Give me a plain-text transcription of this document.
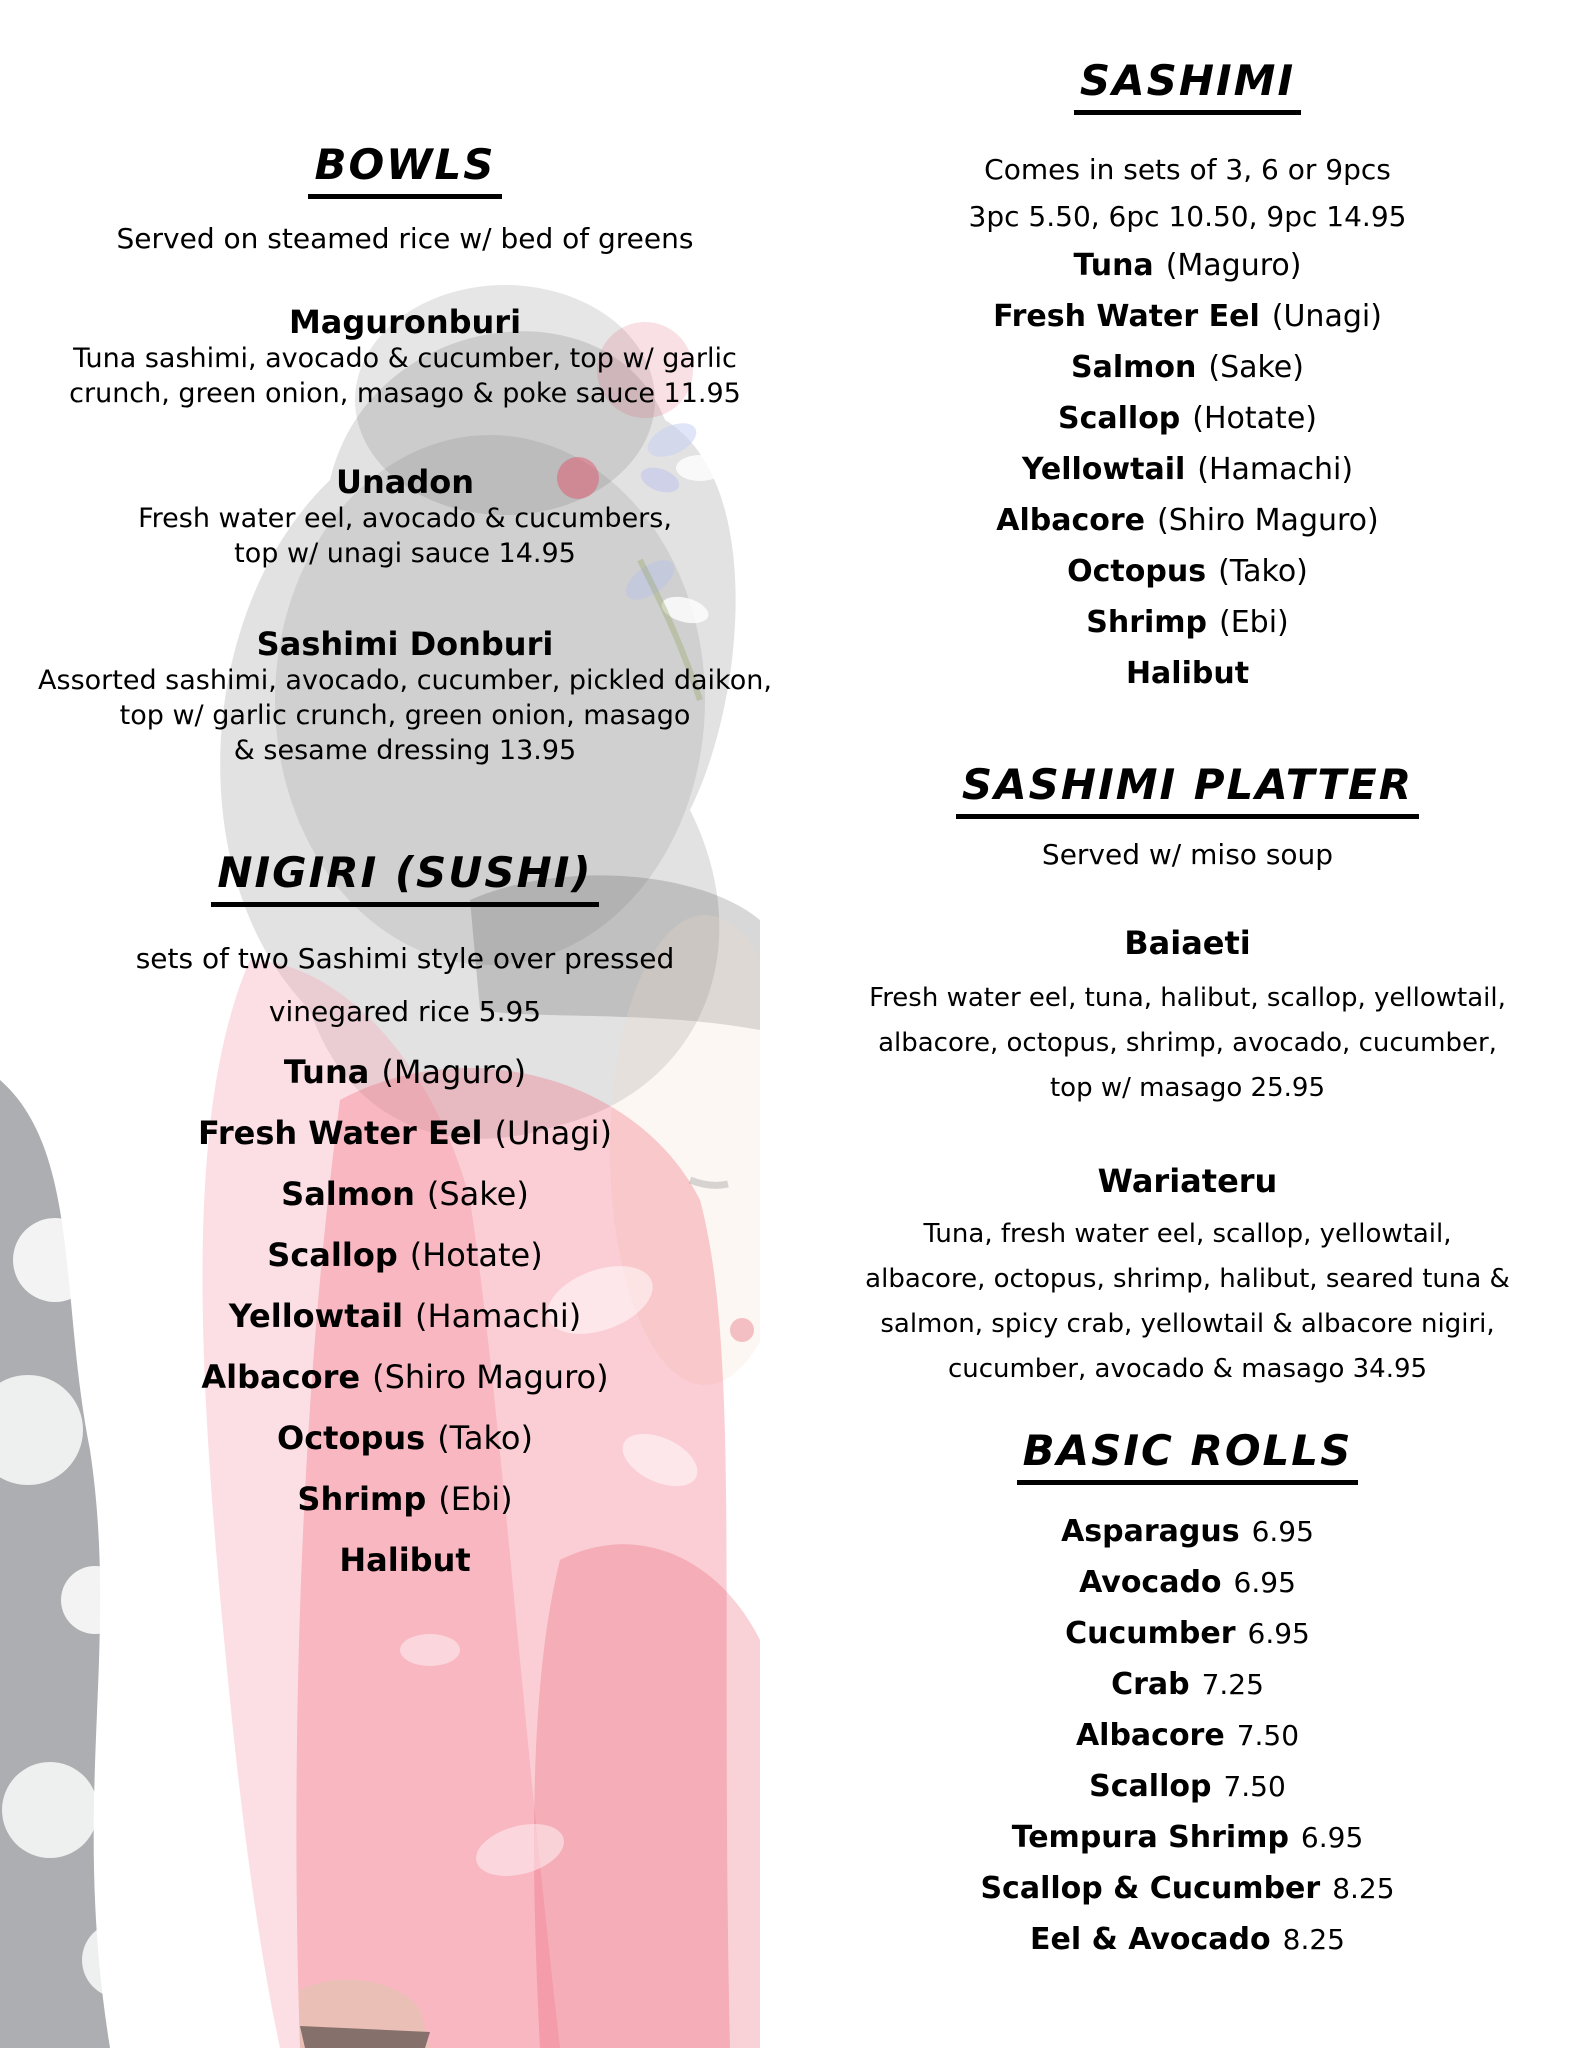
BOWLS
Served on steamed rice w/ bed of greens
Maguronburi
Tuna sashimi, avocado & cucumber, top w/ garlic
crunch, green onion, masago & poke sauce 11.95
Unadon
Fresh water eel, avocado & cucumbers,
top w/ unagi sauce 14.95
Sashimi Donburi
Assorted sashimi, avocado, cucumber, pickled daikon,
top w/ garlic crunch, green onion, masago
& sesame dressing 13.95
NIGIRI (SUSHI)
sets of two Sashimi style over pressed
vinegared rice 5.95
Tuna (Maguro)
Fresh Water Eel (Unagi)
Salmon (Sake)
Scallop (Hotate)
Yellowtail (Hamachi)
Albacore (Shiro Maguro)
Octopus (Tako)
Shrimp (Ebi)
Halibut
SASHIMI
Comes in sets of 3, 6 or 9pcs
3pc 5.50, 6pc 10.50, 9pc 14.95
Tuna (Maguro)
Fresh Water Eel (Unagi)
Salmon (Sake)
Scallop (Hotate)
Yellowtail (Hamachi)
Albacore (Shiro Maguro)
Octopus (Tako)
Shrimp (Ebi)
Halibut
SASHIMI PLATTER
Served w/ miso soup
Baiaeti
Fresh water eel, tuna, halibut, scallop, yellowtail,
albacore, octopus, shrimp, avocado, cucumber,
top w/ masago 25.95
Wariateru
Tuna, fresh water eel, scallop, yellowtail,
albacore, octopus, shrimp, halibut, seared tuna &
salmon, spicy crab, yellowtail & albacore nigiri,
cucumber, avocado & masago 34.95
BASIC ROLLS
Asparagus 6.95
Avocado 6.95
Cucumber 6.95
Crab 7.25
Albacore 7.50
Scallop 7.50
Tempura Shrimp 6.95
Scallop & Cucumber 8.25
Eel & Avocado 8.25
